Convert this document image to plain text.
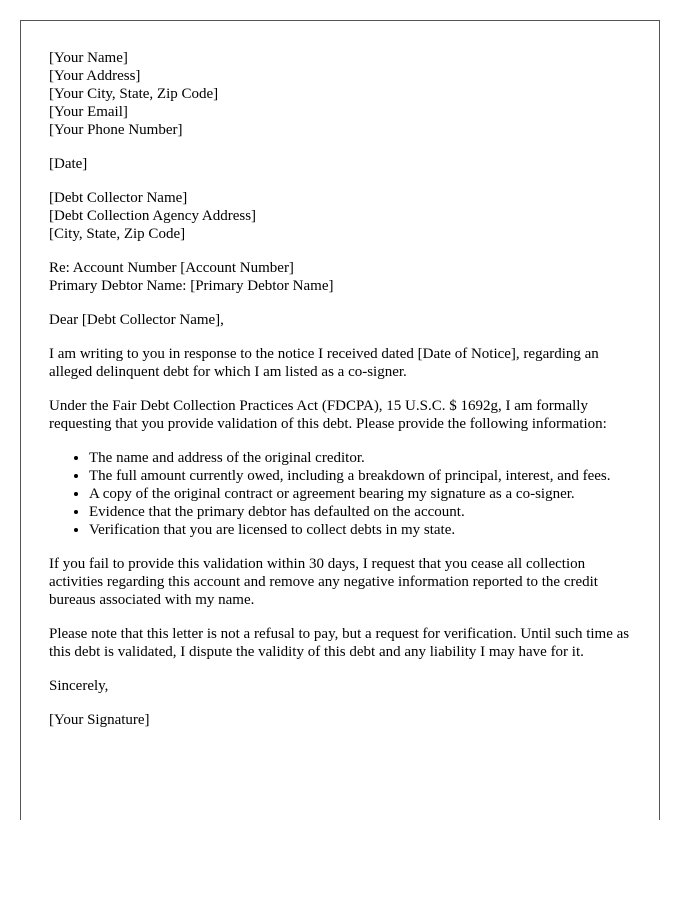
[Your Name]
[Your Address]
[Your City, State, Zip Code]
[Your Email]
[Your Phone Number]
[Date]
[Debt Collector Name]
[Debt Collection Agency Address]
[City, State, Zip Code]
Re: Account Number [Account Number]
Primary Debtor Name: [Primary Debtor Name]

Dear [Debt Collector Name],

I am writing to you in response to the notice I received dated [Date of Notice], regarding an alleged delinquent debt for which I am listed as a co-signer.

Under the Fair Debt Collection Practices Act (FDCPA), 15 U.S.C. $ 1692g, I am formally requesting that you provide validation of this debt. Please provide the following information:

• The name and address of the original creditor.
• The full amount currently owed, including a breakdown of principal, interest, and fees.
• A copy of the original contract or agreement bearing my signature as a co-signer.
• Evidence that the primary debtor has defaulted on the account.
• Verification that you are licensed to collect debts in my state.

If you fail to provide this validation within 30 days, I request that you cease all collection activities regarding this account and remove any negative information reported to the credit bureaus associated with my name.

Please note that this letter is not a refusal to pay, but a request for verification. Until such time as this debt is validated, I dispute the validity of this debt and any liability I may have for it.

Sincerely,

[Your Signature]
